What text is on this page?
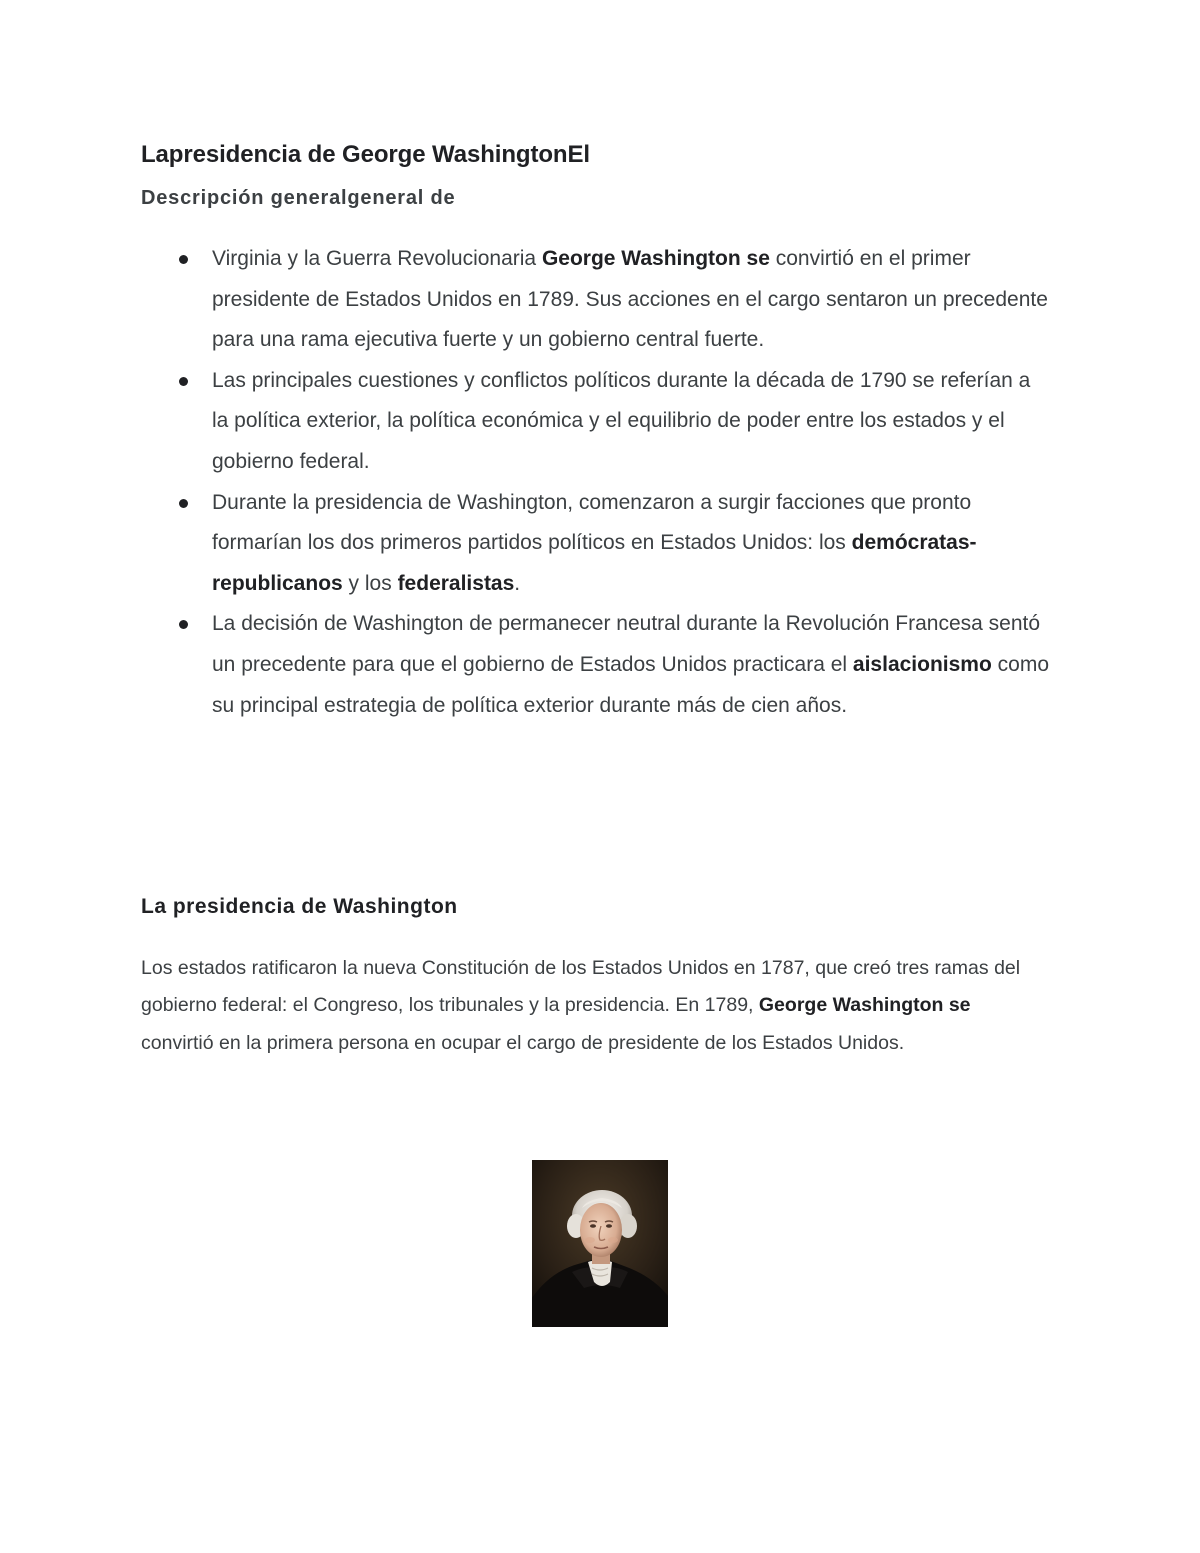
Lapresidencia de George WashingtonEl
Descripción generalgeneral de
Virginia y la Guerra Revolucionaria George Washington se convirtió en el primer presidente de Estados Unidos en 1789. Sus acciones en el cargo sentaron un precedente para una rama ejecutiva fuerte y un gobierno central fuerte.
Las principales cuestiones y conflictos políticos durante la década de 1790 se referían a la política exterior, la política económica y el equilibrio de poder entre los estados y el gobierno federal.
Durante la presidencia de Washington, comenzaron a surgir facciones que pronto formarían los dos primeros partidos políticos en Estados Unidos: los demócratas-republicanos y los federalistas.
La decisión de Washington de permanecer neutral durante la Revolución Francesa sentó un precedente para que el gobierno de Estados Unidos practicara el aislacionismo como su principal estrategia de política exterior durante más de cien años.
La presidencia de Washington

Los estados ratificaron la nueva Constitución de los Estados Unidos en 1787, que creó tres ramas del gobierno federal: el Congreso, los tribunales y la presidencia. En 1789, George Washington se convirtió en la primera persona en ocupar el cargo de presidente de los Estados Unidos.
